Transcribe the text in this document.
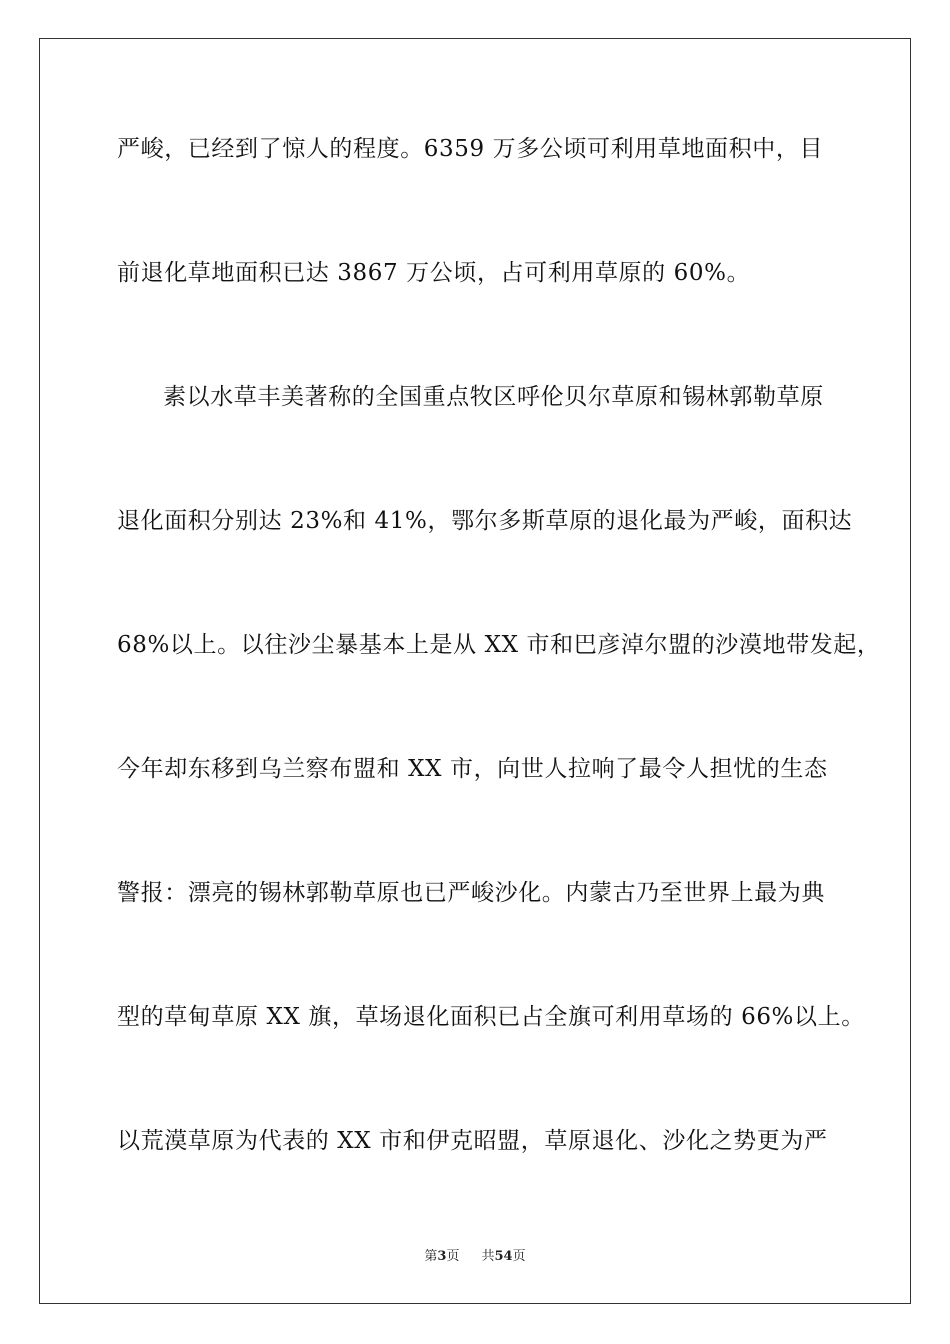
严峻，已经到了惊人的程度。6359 万多公顷可利用草地面积中，目
前退化草地面积已达 3867 万公顷，占可利用草原的 60%。
素以水草丰美著称的全国重点牧区呼伦贝尔草原和锡林郭勒草原
退化面积分别达 23%和 41%，鄂尔多斯草原的退化最为严峻，面积达
68%以上。以往沙尘暴基本上是从 XX 市和巴彦淖尔盟的沙漠地带发起，
今年却东移到乌兰察布盟和 XX 市，向世人拉响了最令人担忧的生态
警报：漂亮的锡林郭勒草原也已严峻沙化。内蒙古乃至世界上最为典
型的草甸草原 XX 旗，草场退化面积已占全旗可利用草场的 66%以上。
以荒漠草原为代表的 XX 市和伊克昭盟，草原退化、沙化之势更为严
第3页 共54页
